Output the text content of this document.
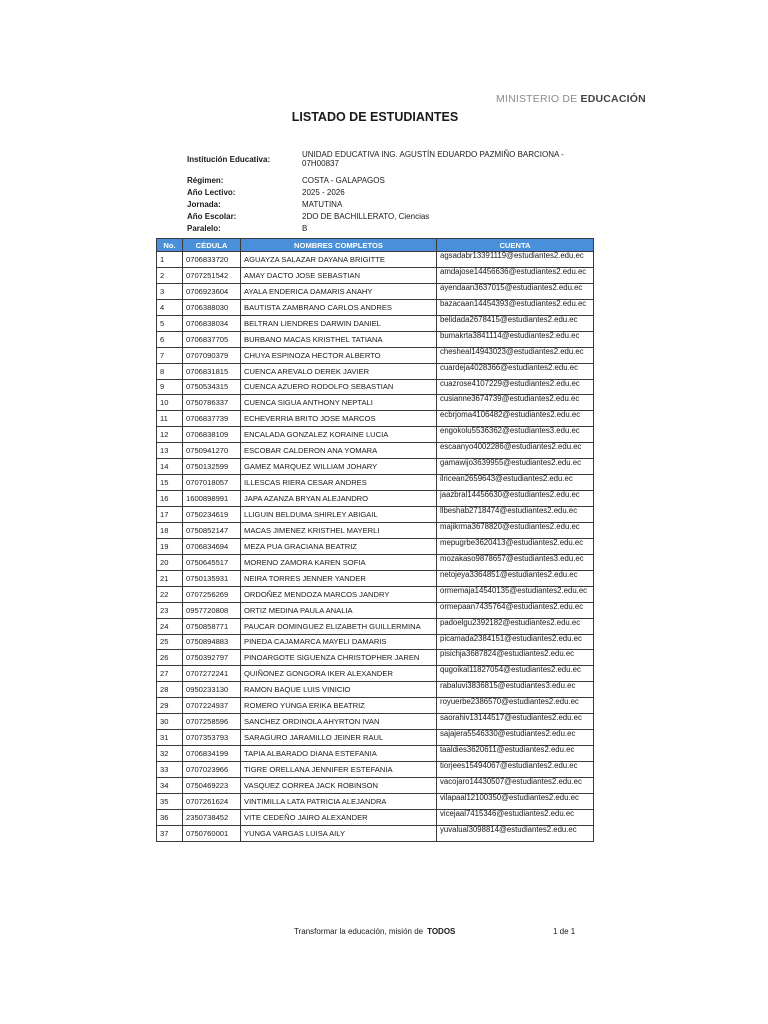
MINISTERIO DE EDUCACIÓN
LISTADO DE ESTUDIANTES
Institución Educativa:
UNIDAD EDUCATIVA ING. AGUSTÍN EDUARDO PAZMIÑO BARCIONA - 07H00837
Régimen:	COSTA - GALAPAGOS
Año Lectivo:	2025 - 2026
Jornada:	MATUTINA
Año Escolar:	2DO DE BACHILLERATO, Ciencias
Paralelo:	B
No.	CÉDULA	NOMBRES COMPLETOS	CUENTA
1	0706833720	AGUAYZA SALAZAR DAYANA BRIGITTE	agsadabr13391119@estudiantes2.edu.ec
2	0707251542	AMAY DACTO JOSE SEBASTIAN	amdajose14456636@estudiantes2.edu.ec
3	0706923604	AYALA ENDERICA DAMARIS ANAHY	ayendaan3637015@estudiantes2.edu.ec
4	0706388030	BAUTISTA ZAMBRANO CARLOS ANDRES	bazacaan14454393@estudiantes2.edu.ec
5	0706838034	BELTRAN LIENDRES DARWIN DANIEL	belidada2678415@estudiantes2.edu.ec
6	0706837705	BURBANO MACAS KRISTHEL TATIANA	bumakrta3841114@estudiantes2.edu.ec
7	0707090379	CHUYA ESPINOZA HECTOR ALBERTO	chesheal14943023@estudiantes2.edu.ec
8	0706831815	CUENCA AREVALO DEREK JAVIER	cuardeja4028366@estudiantes2.edu.ec
9	0750534315	CUENCA AZUERO RODOLFO SEBASTIAN	cuazrose4107229@estudiantes2.edu.ec
10	0750786337	CUENCA SIGUA ANTHONY NEPTALI	cusianne3674739@estudiantes2.edu.ec
11	0706837739	ECHEVERRIA BRITO JOSE MARCOS	ecbrjoma4106482@estudiantes2.edu.ec
12	0706838109	ENCALADA GONZALEZ KORAINE LUCIA	engokolu5536362@estudiantes3.edu.ec
13	0750941270	ESCOBAR CALDERON ANA YOMARA	escaanyo4002286@estudiantes2.edu.ec
14	0750132599	GAMEZ MARQUEZ WILLIAM JOHARY	gamawijo3639955@estudiantes2.edu.ec
15	0707018057	ILLESCAS RIERA CESAR ANDRES	ilricean2659643@estudiantes2.edu.ec
16	1600898991	JAPA AZANZA BRYAN ALEJANDRO	jaazbral14456630@estudiantes2.edu.ec
17	0750234619	LLIGUIN BELDUMA SHIRLEY ABIGAIL	llbeshab2718474@estudiantes2.edu.ec
18	0750852147	MACAS JIMENEZ KRISTHEL MAYERLI	majikrma3678820@estudiantes2.edu.ec
19	0706834694	MEZA PUA GRACIANA BEATRIZ	mepugrbe3620413@estudiantes2.edu.ec
20	0750645517	MORENO ZAMORA KAREN SOFIA	mozakaso9878657@estudiantes3.edu.ec
21	0750135931	NEIRA TORRES JENNER YANDER	netojeya3364851@estudiantes2.edu.ec
22	0707256269	ORDOÑEZ MENDOZA MARCOS JANDRY	ormemaja14540135@estudiantes2.edu.ec
23	0957720808	ORTIZ MEDINA PAULA ANALIA	ormepaan7435764@estudiantes2.edu.ec
24	0750858771	PAUCAR DOMINGUEZ ELIZABETH GUILLERMINA	padoelgu2392182@estudiantes2.edu.ec
25	0750894883	PINEDA CAJAMARCA MAYELI DAMARIS	picamada2384151@estudiantes2.edu.ec
26	0750392797	PINOARGOTE SIGUENZA CHRISTOPHER JAREN	pisichja3687824@estudiantes2.edu.ec
27	0707272241	QUIÑONEZ GONGORA IKER ALEXANDER	qugoikal11827054@estudiantes2.edu.ec
28	0950233130	RAMON BAQUE LUIS VINICIO	rabaluvi3836815@estudiantes3.edu.ec
29	0707224937	ROMERO YUNGA ERIKA BEATRIZ	royuerbe2386570@estudiantes2.edu.ec
30	0707258596	SANCHEZ ORDINOLA AHYRTON IVAN	saorahiv13144517@estudiantes2.edu.ec
31	0707353793	SARAGURO JARAMILLO JEINER RAUL	sajajera5546330@estudiantes2.edu.ec
32	0706834199	TAPIA ALBARADO DIANA ESTEFANIA	taaldies3620611@estudiantes2.edu.ec
33	0707023966	TIGRE ORELLANA JENNIFER ESTEFANIA	tiorjees15494067@estudiantes2.edu.ec
34	0750469223	VASQUEZ CORREA JACK ROBINSON	vacojaro14430507@estudiantes2.edu.ec
35	0707261624	VINTIMILLA LATA PATRICIA ALEJANDRA	vilapaal12100350@estudiantes2.edu.ec
36	2350738452	VITE CEDEÑO JAIRO ALEXANDER	vicejaal7415346@estudiantes2.edu.ec
37	0750760001	YUNGA VARGAS LUISA AILY	yuvalual3098814@estudiantes2.edu.ec
Transformar la educación, misión de TODOS	1 de 1
